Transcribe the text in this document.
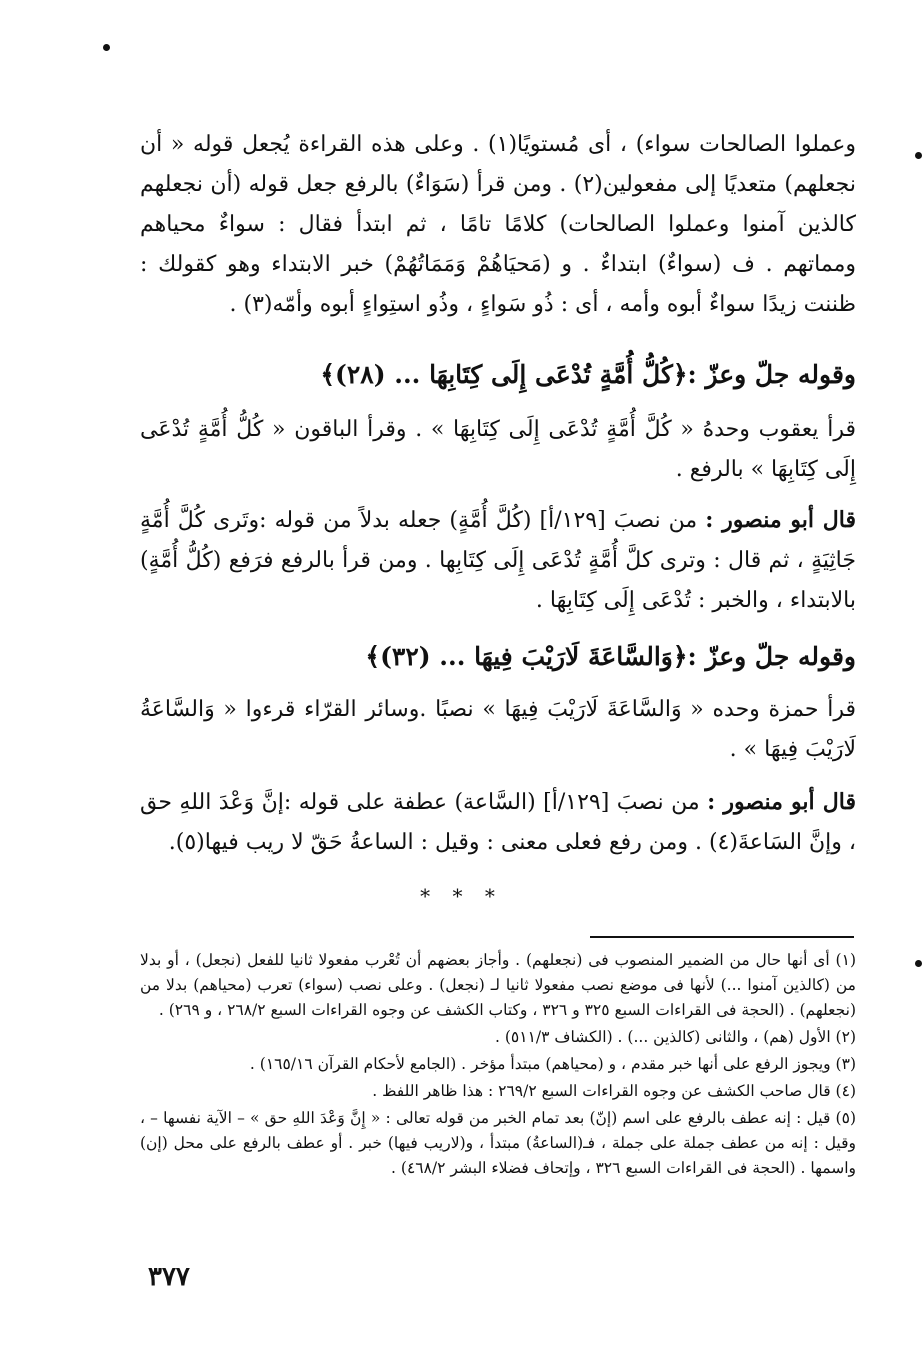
وعملوا الصالحات سواء) ، أى مُستويًا(١) . وعلى هذه القراءة يُجعل قوله « أن نجعلهم) متعديًا إلى مفعولين(٢) . ومن قرأ (سَوَاءٌ) بالرفع جعل قوله (أن نجعلهم كالذين آمنوا وعملوا الصالحات) كلامًا تامًا ، ثم ابتدأ فقال : سواءٌ محياهم ومماتهم . ف (سواءٌ) ابتداءٌ . و (مَحيَاهُمْ وَمَمَاتُهُمْ) خبر الابتداء وهو كقولك : ظننت زيدًا سواءٌ أبوه وأمه ، أى : ذُو سَواءٍ ، وذُو استِواءٍ أبوه وأمّه(٣) .

وقوله جلّ وعزّ :﴿كُلُّ أُمَّةٍ تُدْعَى إِلَى كِتَابِهَا ... (٢٨)﴾

قرأ يعقوب وحدهُ « كُلَّ أُمَّةٍ تُدْعَى إِلَى كِتَابِهَا » . وقرأ الباقون « كُلُّ أُمَّةٍ تُدْعَى إِلَى كِتَابِهَا » بالرفع .

قال أبو منصور : من نصبَ [١٢٩/أ] (كُلَّ أُمَّةٍ) جعله بدلاً من قوله :وتَرى كُلَّ أُمَّةٍ جَاثِيَةٍ ، ثم قال : وترى كلَّ أُمَّةٍ تُدْعَى إِلَى كِتَابِها . ومن قرأ بالرفع فرَفع (كُلُّ أُمَّةٍ) بالابتداء ، والخبر : تُدْعَى إِلَى كِتَابِهَا .

وقوله جلّ وعزّ :﴿وَالسَّاعَةَ لَارَيْبَ فِيهَا ... (٣٢)﴾

قرأ حمزة وحده « وَالسَّاعَةَ لَارَيْبَ فِيهَا » نصبًا .وسائر القرّاء قرءوا « وَالسَّاعَةُ لَارَيْبَ فِيهَا » .

قال أبو منصور : من نصبَ [١٢٩/أ] (السَّاعة) عطفة على قوله :إنَّ وَعْدَ اللهِ حق ، وإنَّ السَاعةَ(٤) . ومن رفع فعلى معنى : وقيل : الساعةُ حَقّ لا ريب فيها(٥).

* * *

(١) أى أنها حال من الضمير المنصوب فى (نجعلهم) . وأجاز بعضهم أن تُعْرب مفعولا ثانيا للفعل (نجعل) ، أو بدلا من (كالذين آمنوا ...) لأنها فى موضع نصب مفعولا ثانيا لـ (نجعل) . وعلى نصب (سواء) تعرب (محياهم) بدلا من (نجعلهم) . (الحجة فى القراءات السبع ٣٢٥ و ٣٢٦ ، وكتاب الكشف عن وجوه القراءات السبع ٢٦٨/٢ ، و ٢٦٩) .

(٢) الأول (هم) ، والثانى (كالذين ...) . (الكشاف ٥١١/٣) .

(٣) ويجوز الرفع على أنها خبر مقدم ، و (محياهم) مبتدأ مؤخر . (الجامع لأحكام القرآن ١٦٥/١٦) .

(٤) قال صاحب الكشف عن وجوه القراءات السبع ٢٦٩/٢ : هذا ظاهر اللفظ .

(٥) قيل : إنه عطف بالرفع على اسم (إنّ) بعد تمام الخبر من قوله تعالى : « إِنَّ وَعْدَ اللهِ حق » – الآية نفسها – ، وقيل : إنه من عطف جملة على جملة ، فـ(الساعةُ) مبتدأ ، و(لاريب فيها) خبر . أو عطف بالرفع على محل (إن) واسمها . (الحجة فى القراءات السبع ٣٢٦ ، وإتحاف فضلاء البشر ٤٦٨/٢) .

٣٧٧
